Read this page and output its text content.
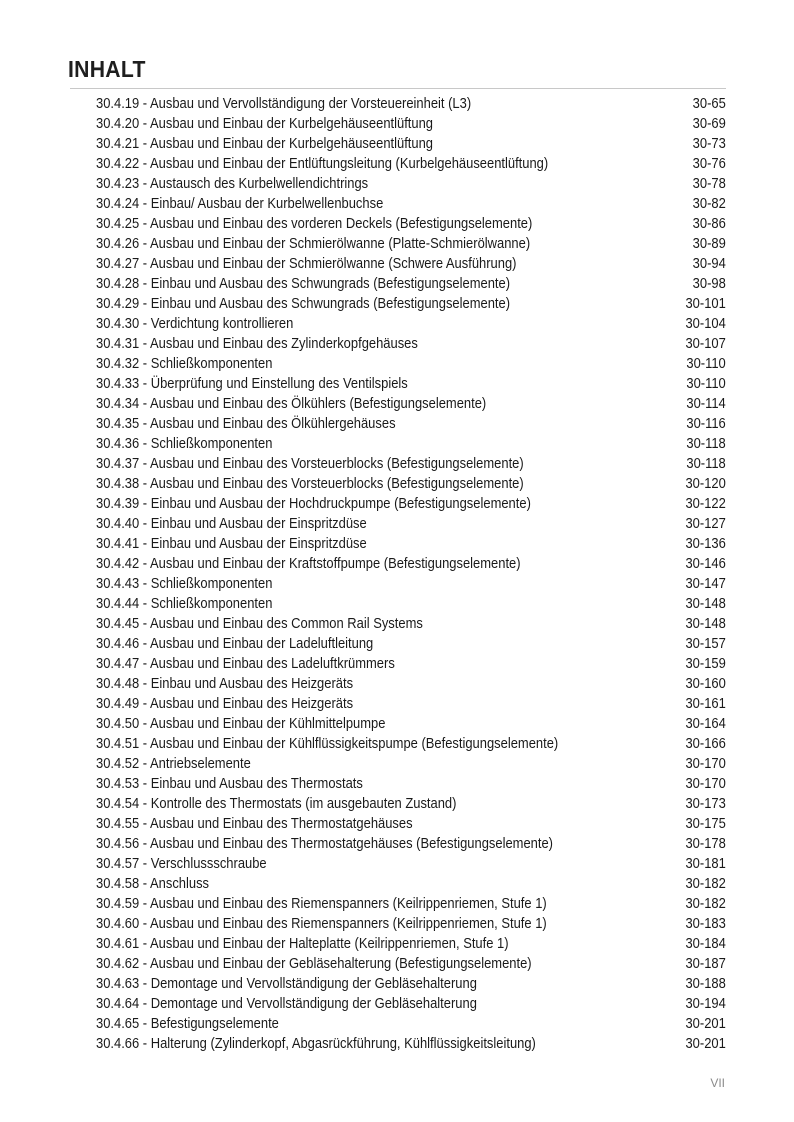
INHALT
30.4.19 - Ausbau und Vervollständigung der Vorsteuereinheit (L3)	30-65
30.4.20 - Ausbau und Einbau der Kurbelgehäuseentlüftung	30-69
30.4.21 - Ausbau und Einbau der Kurbelgehäuseentlüftung	30-73
30.4.22 - Ausbau und Einbau der Entlüftungsleitung (Kurbelgehäuseentlüftung)	30-76
30.4.23 - Austausch des Kurbelwellendichtrings	30-78
30.4.24 - Einbau/ Ausbau der Kurbelwellenbuchse	30-82
30.4.25 - Ausbau und Einbau des vorderen Deckels (Befestigungselemente)	30-86
30.4.26 - Ausbau und Einbau der Schmierölwanne (Platte-Schmierölwanne)	30-89
30.4.27 - Ausbau und Einbau der Schmierölwanne (Schwere Ausführung)	30-94
30.4.28 - Einbau und Ausbau des Schwungrads (Befestigungselemente)	30-98
30.4.29 - Einbau und Ausbau des Schwungrads (Befestigungselemente)	30-101
30.4.30 - Verdichtung kontrollieren	30-104
30.4.31 - Ausbau und Einbau des Zylinderkopfgehäuses	30-107
30.4.32 - Schließkomponenten	30-110
30.4.33 - Überprüfung und Einstellung des Ventilspiels	30-110
30.4.34 - Ausbau und Einbau des Ölkühlers (Befestigungselemente)	30-114
30.4.35 - Ausbau und Einbau des Ölkühlergehäuses	30-116
30.4.36 - Schließkomponenten	30-118
30.4.37 - Ausbau und Einbau des Vorsteuerblocks (Befestigungselemente)	30-118
30.4.38 - Ausbau und Einbau des Vorsteuerblocks (Befestigungselemente)	30-120
30.4.39 - Einbau und Ausbau der Hochdruckpumpe (Befestigungselemente)	30-122
30.4.40 - Einbau und Ausbau der Einspritzdüse	30-127
30.4.41 - Einbau und Ausbau der Einspritzdüse	30-136
30.4.42 - Ausbau und Einbau der Kraftstoffpumpe (Befestigungselemente)	30-146
30.4.43 - Schließkomponenten	30-147
30.4.44 - Schließkomponenten	30-148
30.4.45 - Ausbau und Einbau des Common Rail Systems	30-148
30.4.46 - Ausbau und Einbau der Ladeluftleitung	30-157
30.4.47 - Ausbau und Einbau des Ladeluftkrümmers	30-159
30.4.48 - Einbau und Ausbau des Heizgeräts	30-160
30.4.49 - Ausbau und Einbau des Heizgeräts	30-161
30.4.50 - Ausbau und Einbau der Kühlmittelpumpe	30-164
30.4.51 - Ausbau und Einbau der Kühlflüssigkeitspumpe (Befestigungselemente)	30-166
30.4.52 - Antriebselemente	30-170
30.4.53 - Einbau und Ausbau des Thermostats	30-170
30.4.54 - Kontrolle des Thermostats (im ausgebauten Zustand)	30-173
30.4.55 - Ausbau und Einbau des Thermostatgehäuses	30-175
30.4.56 - Ausbau und Einbau des Thermostatgehäuses (Befestigungselemente)	30-178
30.4.57 - Verschlussschraube	30-181
30.4.58 - Anschluss	30-182
30.4.59 - Ausbau und Einbau des Riemenspanners (Keilrippenriemen, Stufe 1)	30-182
30.4.60 - Ausbau und Einbau des Riemenspanners (Keilrippenriemen, Stufe 1)	30-183
30.4.61 - Ausbau und Einbau der Halteplatte (Keilrippenriemen, Stufe 1)	30-184
30.4.62 - Ausbau und Einbau der Gebläsehalterung (Befestigungselemente)	30-187
30.4.63 - Demontage und Vervollständigung der Gebläsehalterung	30-188
30.4.64 - Demontage und Vervollständigung der Gebläsehalterung	30-194
30.4.65 - Befestigungselemente	30-201
30.4.66 - Halterung (Zylinderkopf, Abgasrückführung, Kühlflüssigkeitsleitung)	30-201
VII
